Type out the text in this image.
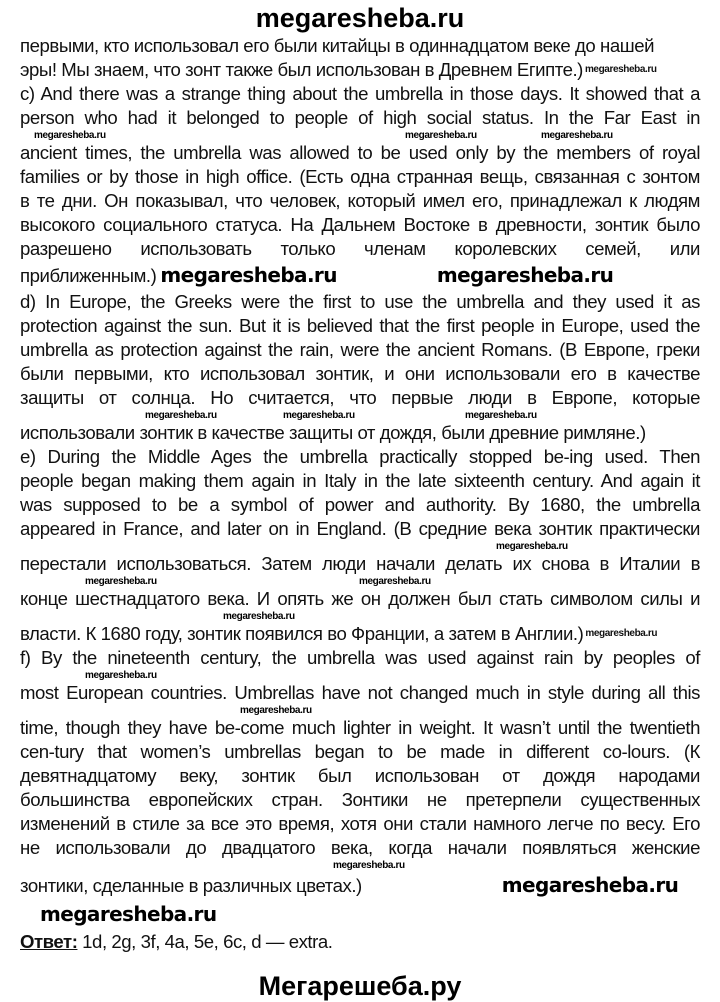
megaresheba.ru
первыми, кто использовал его были китайцы в одиннадцатом веке до нашей
эры! Мы знаем, что зонт также был использован в Древнем Египте.) $^{megaresheba.ru}$
c) And there was a strange thing about the umbrella in those days. It showed that a
person who had it belonged to people of high social status. In the Far East in
megaresheba.ru	megaresheba.ru	megaresheba.ru
ancient times, the umbrella was allowed to be used only by the members of royal
families or by those in high office. (Есть одна странная вещь, связанная с зонтом
в те дни. Он показывал, что человек, который имел его, принадлежал к людям
высокого социального статуса. На Дальнем Востоке в древности, зонтик было
разрешено использовать только членам королевских семей, или
приближенным.) megaresheba.ru	megaresheba.ru
d) In Europe, the Greeks were the first to use the umbrella and they used it as
protection against the sun. But it is believed that the first people in Europe, used the
umbrella as protection against the rain, were the ancient Romans. (В Европе, греки
были первыми, кто использовал зонтик, и они использовали его в качестве
защиты от солнца. Но считается, что первые люди в Европе, которые
megaresheba.ru	megaresheba.ru	megaresheba.ru
использовали зонтик в качестве защиты от дождя, были древние римляне.)
e) During the Middle Ages the umbrella practically stopped be-ing used. Then
people began making them again in Italy in the late sixteenth century. And again it
was supposed to be a symbol of power and authority. By 1680, the umbrella
appeared in France, and later on in England. (В средние века зонтик практически
megaresheba.ru
перестали использоваться. Затем люди начали делать их снова в Италии в
megaresheba.ru	megaresheba.ru
конце шестнадцатого века. И опять же он должен был стать символом силы и
megaresheba.ru
власти. К 1680 году, зонтик появился во Франции, а затем в Англии.) $^{megaresheba.ru}$
f) By the nineteenth century, the umbrella was used against rain by peoples of
megaresheba.ru
most European countries. Umbrellas have not changed much in style during all this
megaresheba.ru
time, though they have be-come much lighter in weight. It wasn’t until the twentieth
cen-tury that women’s umbrellas began to be made in different co-lours. (К
девятнадцатому веку, зонтик был использован от дождя народами
большинства европейских стран. Зонтики не претерпели существенных
изменений в стиле за все это время, хотя они стали намного легче по весу. Его
не использовали до двадцатого века, когда начали появляться женские
megaresheba.ru
зонтики, сделанные в различных цветах.)	megaresheba.ru
megaresheba.ru
Ответ: 1d, 2g, 3f, 4a, 5e, 6c, d — extra.
Мегарешеба.ру
